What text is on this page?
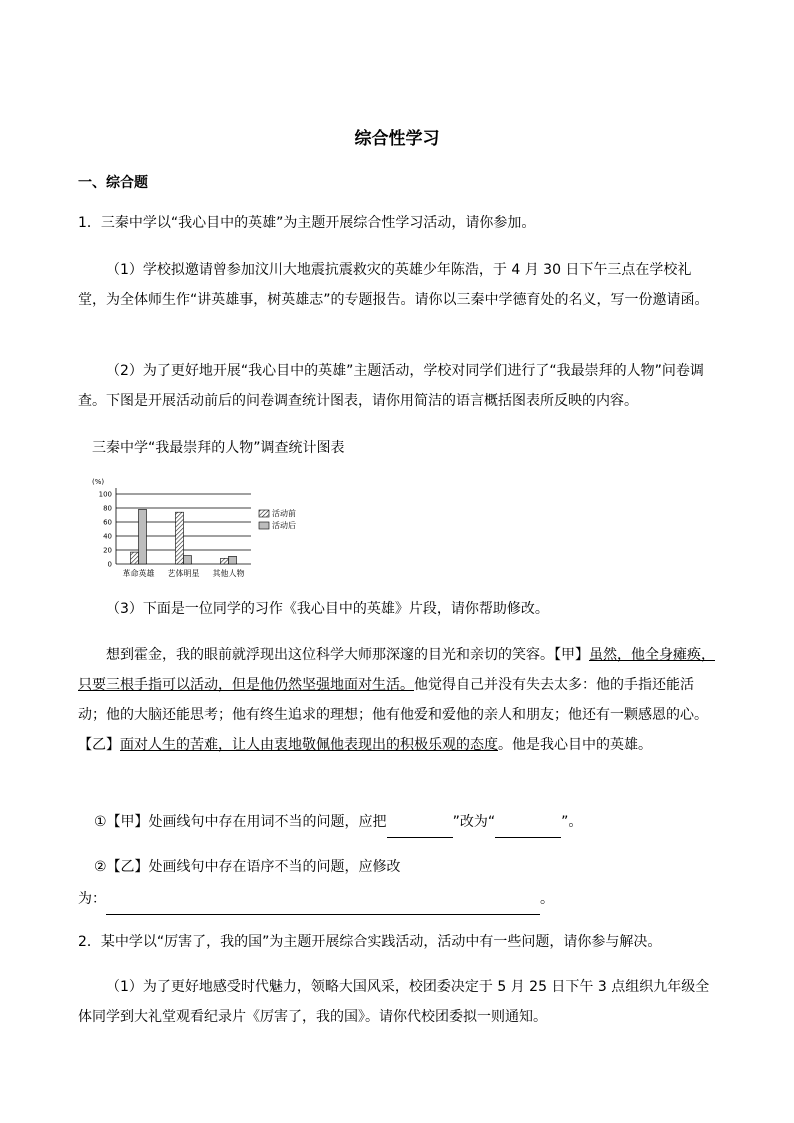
综合性学习
一、综合题

1．三秦中学以“我心目中的英雄”为主题开展综合性学习活动，请你参加。

（1）学校拟邀请曾参加汶川大地震抗震救灾的英雄少年陈浩，于 4 月 30 日下午三点在学校礼堂，为全体师生作“讲英雄事，树英雄志”的专题报告。请你以三秦中学德育处的名义，写一份邀请函。

（2）为了更好地开展“我心目中的英雄”主题活动，学校对同学们进行了“我最崇拜的人物”问卷调查。下图是开展活动前后的问卷调查统计图表，请你用简洁的语言概括图表所反映的内容。

三秦中学“我最崇拜的人物”调查统计图表
(%)
0
20
40
60
80
100
革命英雄 艺体明星 其他人物
活动前
活动后

（3）下面是一位同学的习作《我心目中的英雄》片段，请你帮助修改。

想到霍金，我的眼前就浮现出这位科学大师那深邃的目光和亲切的笑容。【甲】虽然，他全身瘫痪，只要三根手指可以活动，但是他仍然坚强地面对生活。他觉得自己并没有失去太多：他的手指还能活动；他的大脑还能思考；他有终生追求的理想；他有他爱和爱他的亲人和朋友；他还有一颗感恩的心。【乙】面对人生的苦难，让人由衷地敬佩他表现出的积极乐观的态度。他是我心目中的英雄。

①【甲】处画线句中存在用词不当的问题，应把	”改为“	”。

②【乙】处画线句中存在语序不当的问题，应修改

为：	。

2．某中学以“厉害了，我的国”为主题开展综合实践活动，活动中有一些问题，请你参与解决。

（1）为了更好地感受时代魅力，领略大国风采，校团委决定于 5 月 25 日下午 3 点组织九年级全体同学到大礼堂观看纪录片《厉害了，我的国》。请你代校团委拟一则通知。
